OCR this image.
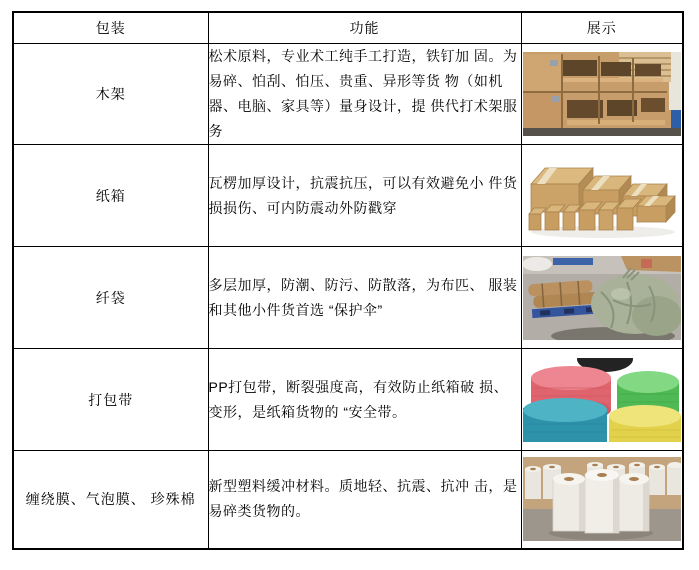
包装	功能	展示
木架	松术原料，专业术工纯手工打造，铁钉加 固。为易碎、怕刮、怕压、贵重、异形等货 物（如机器、电脑、家具等）量身设计，提 供代打术架服务	
纸箱	瓦楞加厚设计，抗震抗压，可以有效避免小 件货损损伤、可内防震动外防戳穿	
纤袋	多层加厚，防潮、防污、防散落，为布匹、 服装和其他小件货首选 “保护伞”	
打包带	PP打包带，断裂强度高，有效防止纸箱破 损、变形，是纸箱货物的 “安全带。	
缠绕膜、气泡膜、 珍殊棉	新型塑料缓冲材料。质地轻、抗震、抗冲 击，是易碎类货物的。	
